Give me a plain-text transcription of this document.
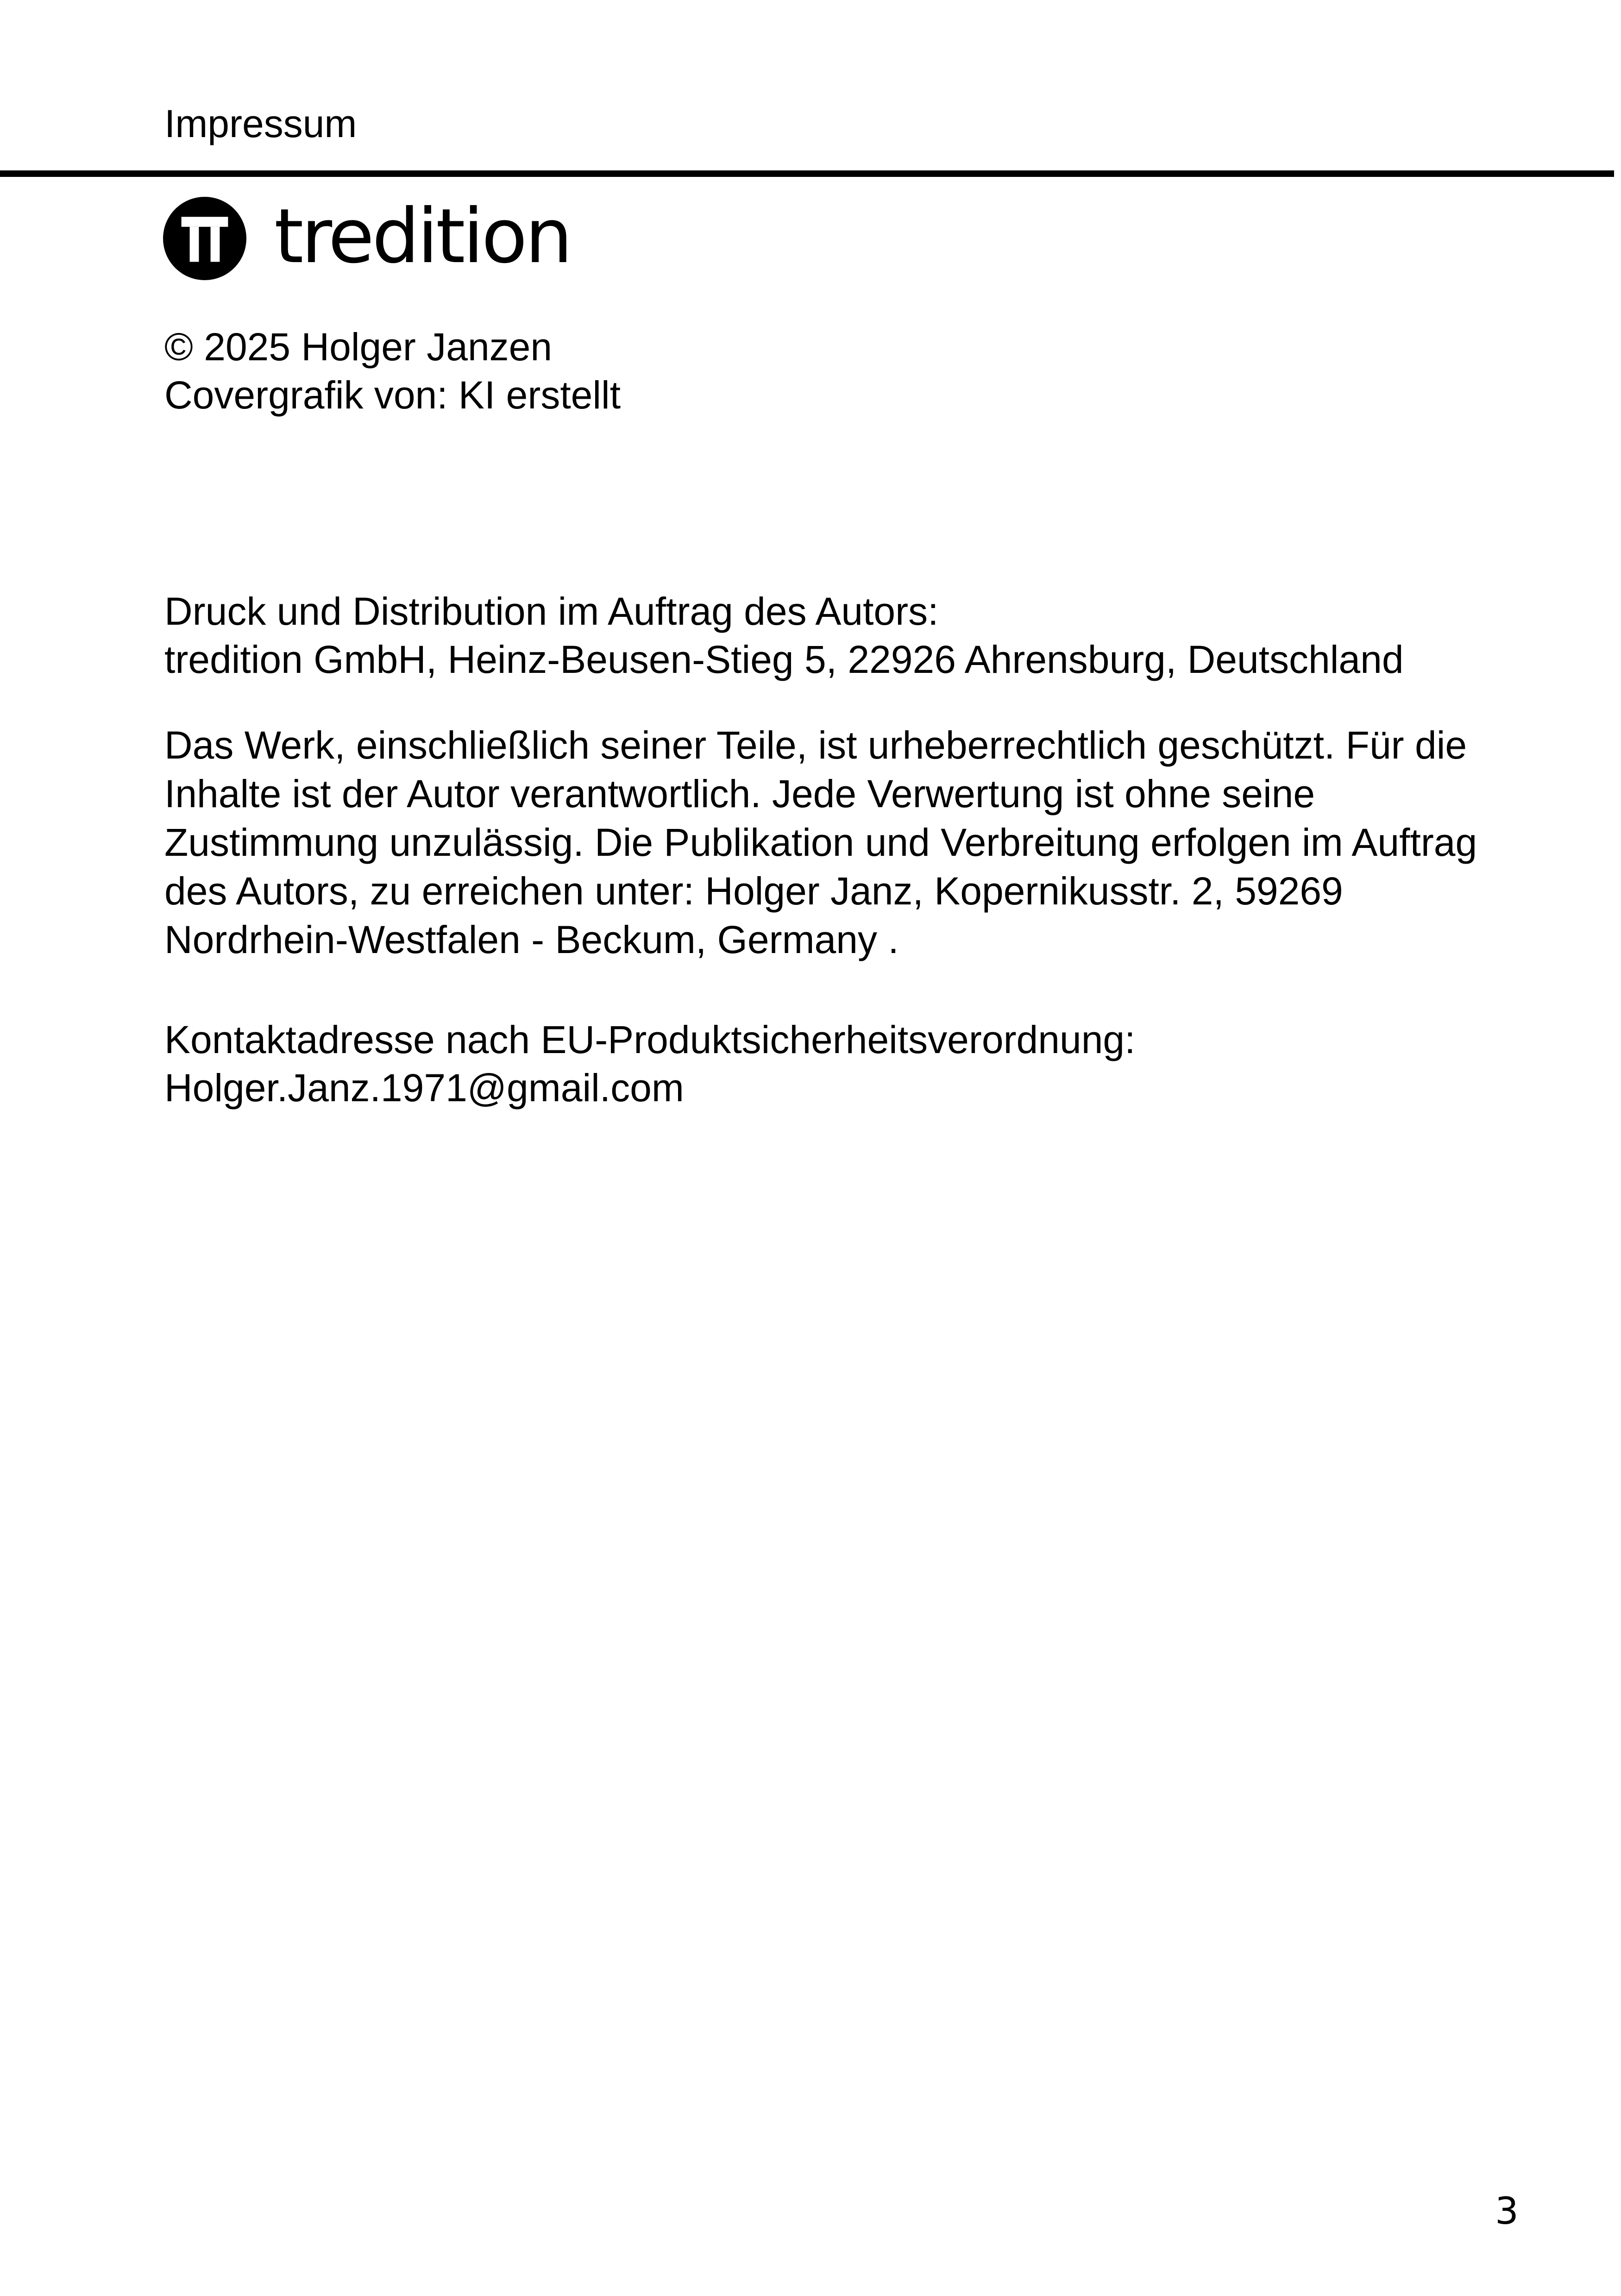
Impressum
tredition
© 2025 Holger Janzen
Covergrafik von: KI erstellt
Druck und Distribution im Auftrag des Autors:
tredition GmbH, Heinz-Beusen-Stieg 5, 22926 Ahrensburg, Deutschland
Das Werk, einschließlich seiner Teile, ist urheberrechtlich geschützt. Für die Inhalte ist der Autor verantwortlich. Jede Verwertung ist ohne seine Zustimmung unzulässig. Die Publikation und Verbreitung erfolgen im Auftrag des Autors, zu erreichen unter: Holger Janz, Kopernikusstr. 2, 59269 Nordrhein-Westfalen - Beckum, Germany .
Kontaktadresse nach EU-Produktsicherheitsverordnung:
Holger.Janz.1971@gmail.com
3
